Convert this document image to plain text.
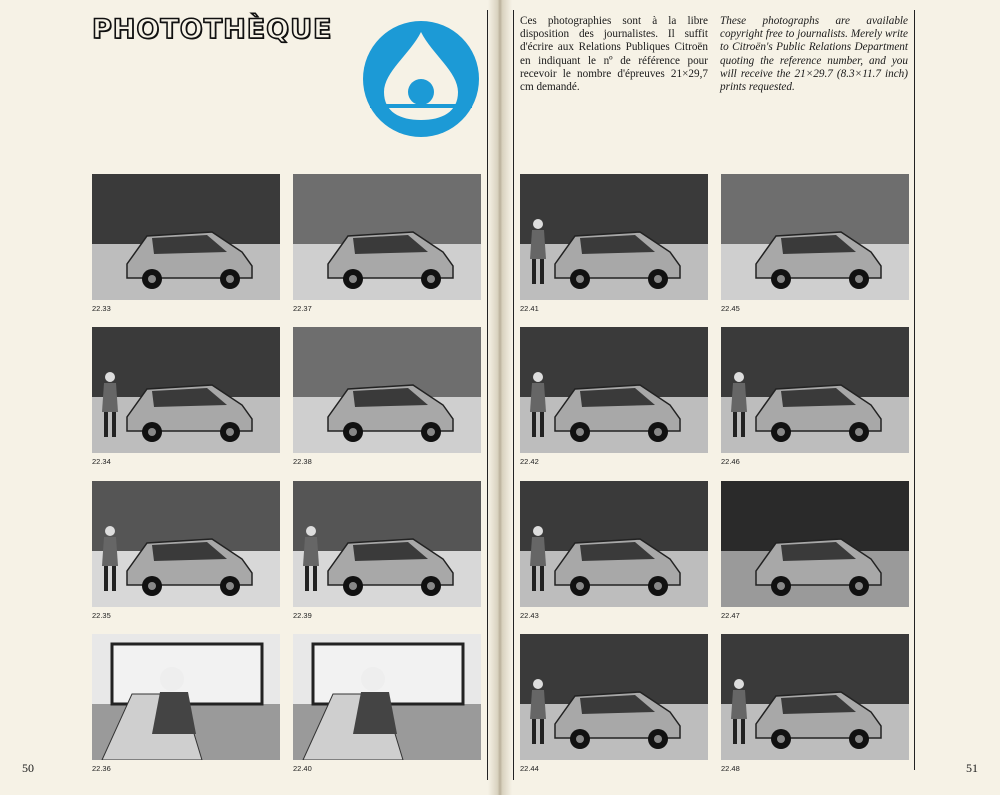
PHOTOTHÈQUE	Ces photographies sont à la libre disposition des journalistes. Il suffit d'écrire aux Relations Publiques Citroën en indiquant le nº de référence pour recevoir le nombre d'épreuves 21×29,7 cm demandé.
These photographs are available copyright free to journalists. Merely write to Citroën's Public Relations Department quoting the reference number, and you will receive the 21×29.7 (8.3×11.7 inch) prints requested.
22.33	22.37
22.34	22.38
22.35	22.39
22.36	22.40
22.41	22.45
22.42	22.46
22.43	22.47
22.44	22.48
50	51
